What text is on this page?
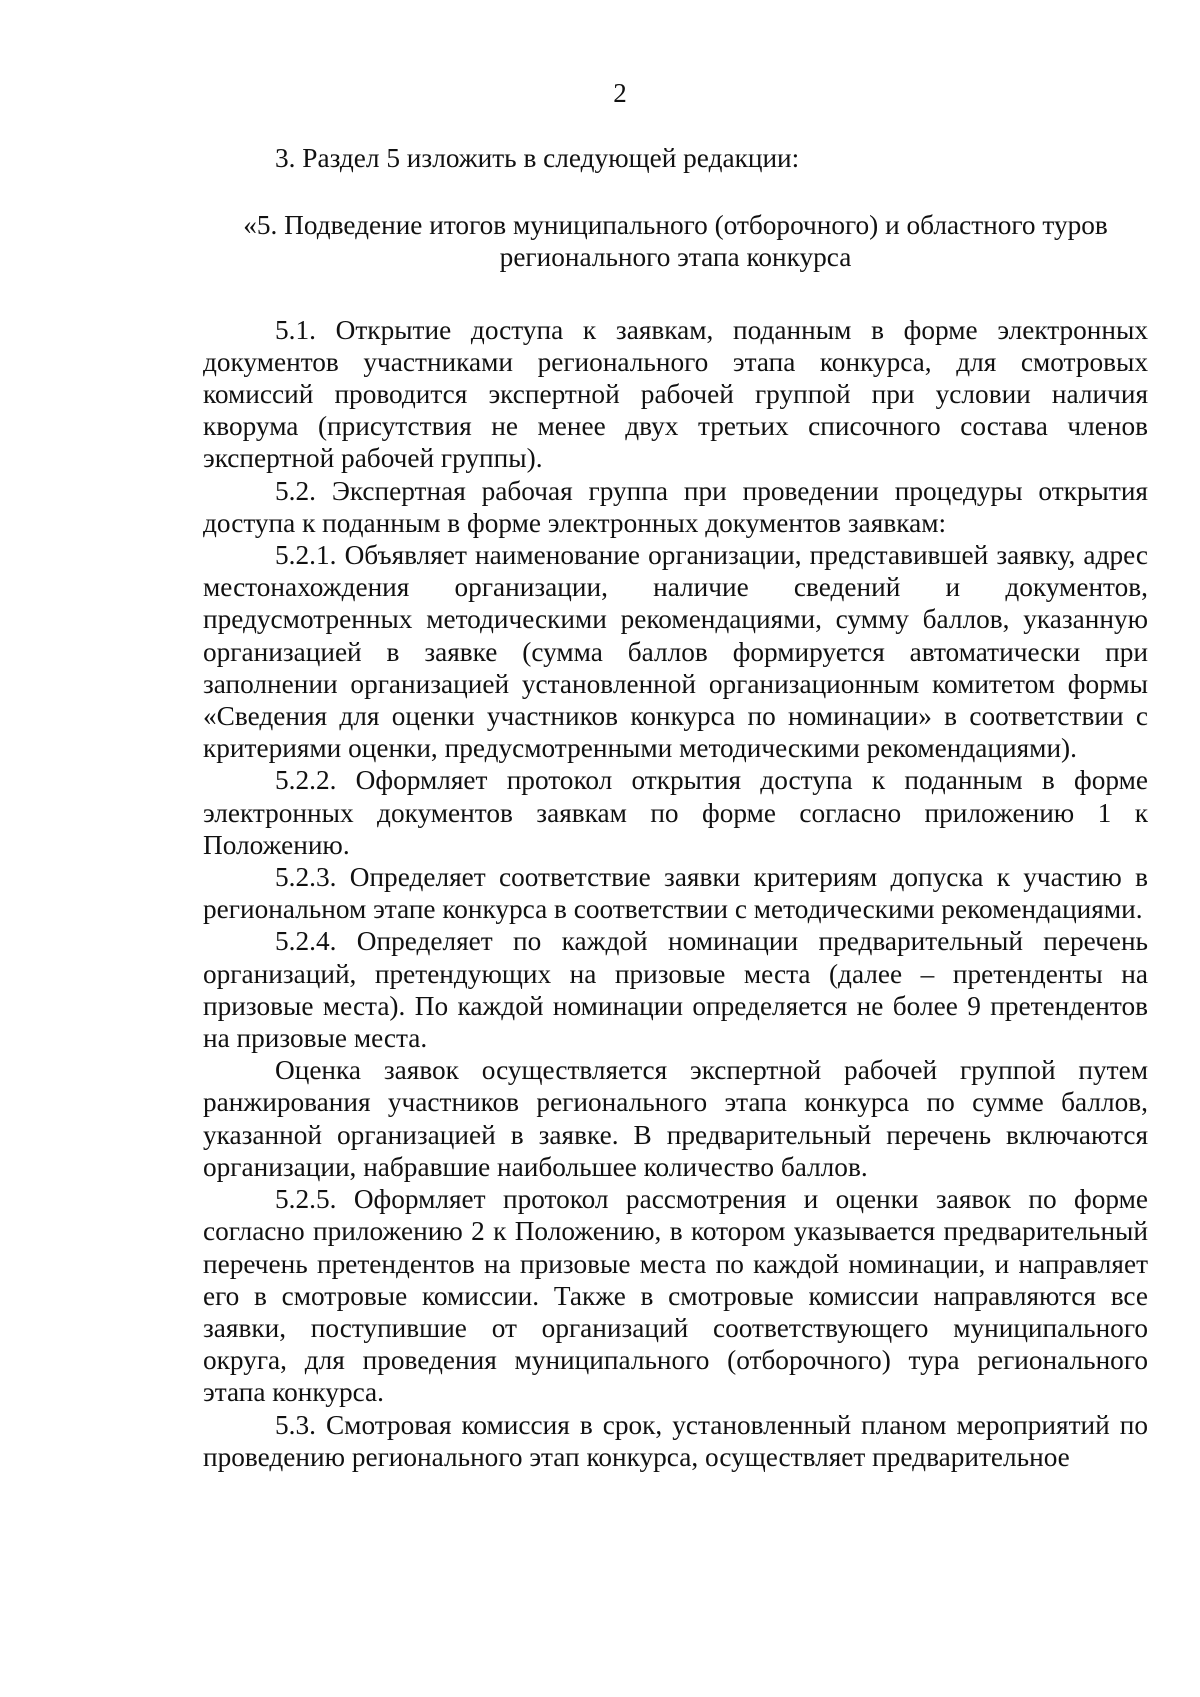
2

3. Раздел 5 изложить в следующей редакции:

«5. Подведение итогов муниципального (отборочного) и областного туров
регионального этапа конкурса

5.1. Открытие доступа к заявкам, поданным в форме электронных документов участниками регионального этапа конкурса, для смотровых комиссий проводится экспертной рабочей группой при условии наличия кворума (присутствия не менее двух третьих списочного состава членов экспертной рабочей группы).

5.2. Экспертная рабочая группа при проведении процедуры открытия доступа к поданным в форме электронных документов заявкам:

5.2.1. Объявляет наименование организации, представившей заявку, адрес местонахождения организации, наличие сведений и документов, предусмотренных методическими рекомендациями, сумму баллов, указанную организацией в заявке (сумма баллов формируется автоматически при заполнении организацией установленной организационным комитетом формы «Сведения для оценки участников конкурса по номинации» в соответствии с критериями оценки, предусмотренными методическими рекомендациями).

5.2.2. Оформляет протокол открытия доступа к поданным в форме электронных документов заявкам по форме согласно приложению 1 к Положению.

5.2.3. Определяет соответствие заявки критериям допуска к участию в региональном этапе конкурса в соответствии с методическими рекомендациями.

5.2.4. Определяет по каждой номинации предварительный перечень организаций, претендующих на призовые места (далее – претенденты на призовые места). По каждой номинации определяется не более 9 претендентов на призовые места.

Оценка заявок осуществляется экспертной рабочей группой путем ранжирования участников регионального этапа конкурса по сумме баллов, указанной организацией в заявке. В предварительный перечень включаются организации, набравшие наибольшее количество баллов.

5.2.5. Оформляет протокол рассмотрения и оценки заявок по форме согласно приложению 2 к Положению, в котором указывается предварительный перечень претендентов на призовые места по каждой номинации, и направляет его в смотровые комиссии. Также в смотровые комиссии направляются все заявки, поступившие от организаций соответствующего муниципального округа, для проведения муниципального (отборочного) тура регионального этапа конкурса.

5.3. Смотровая комиссия в срок, установленный планом мероприятий по проведению регионального этап конкурса, осуществляет предварительное
